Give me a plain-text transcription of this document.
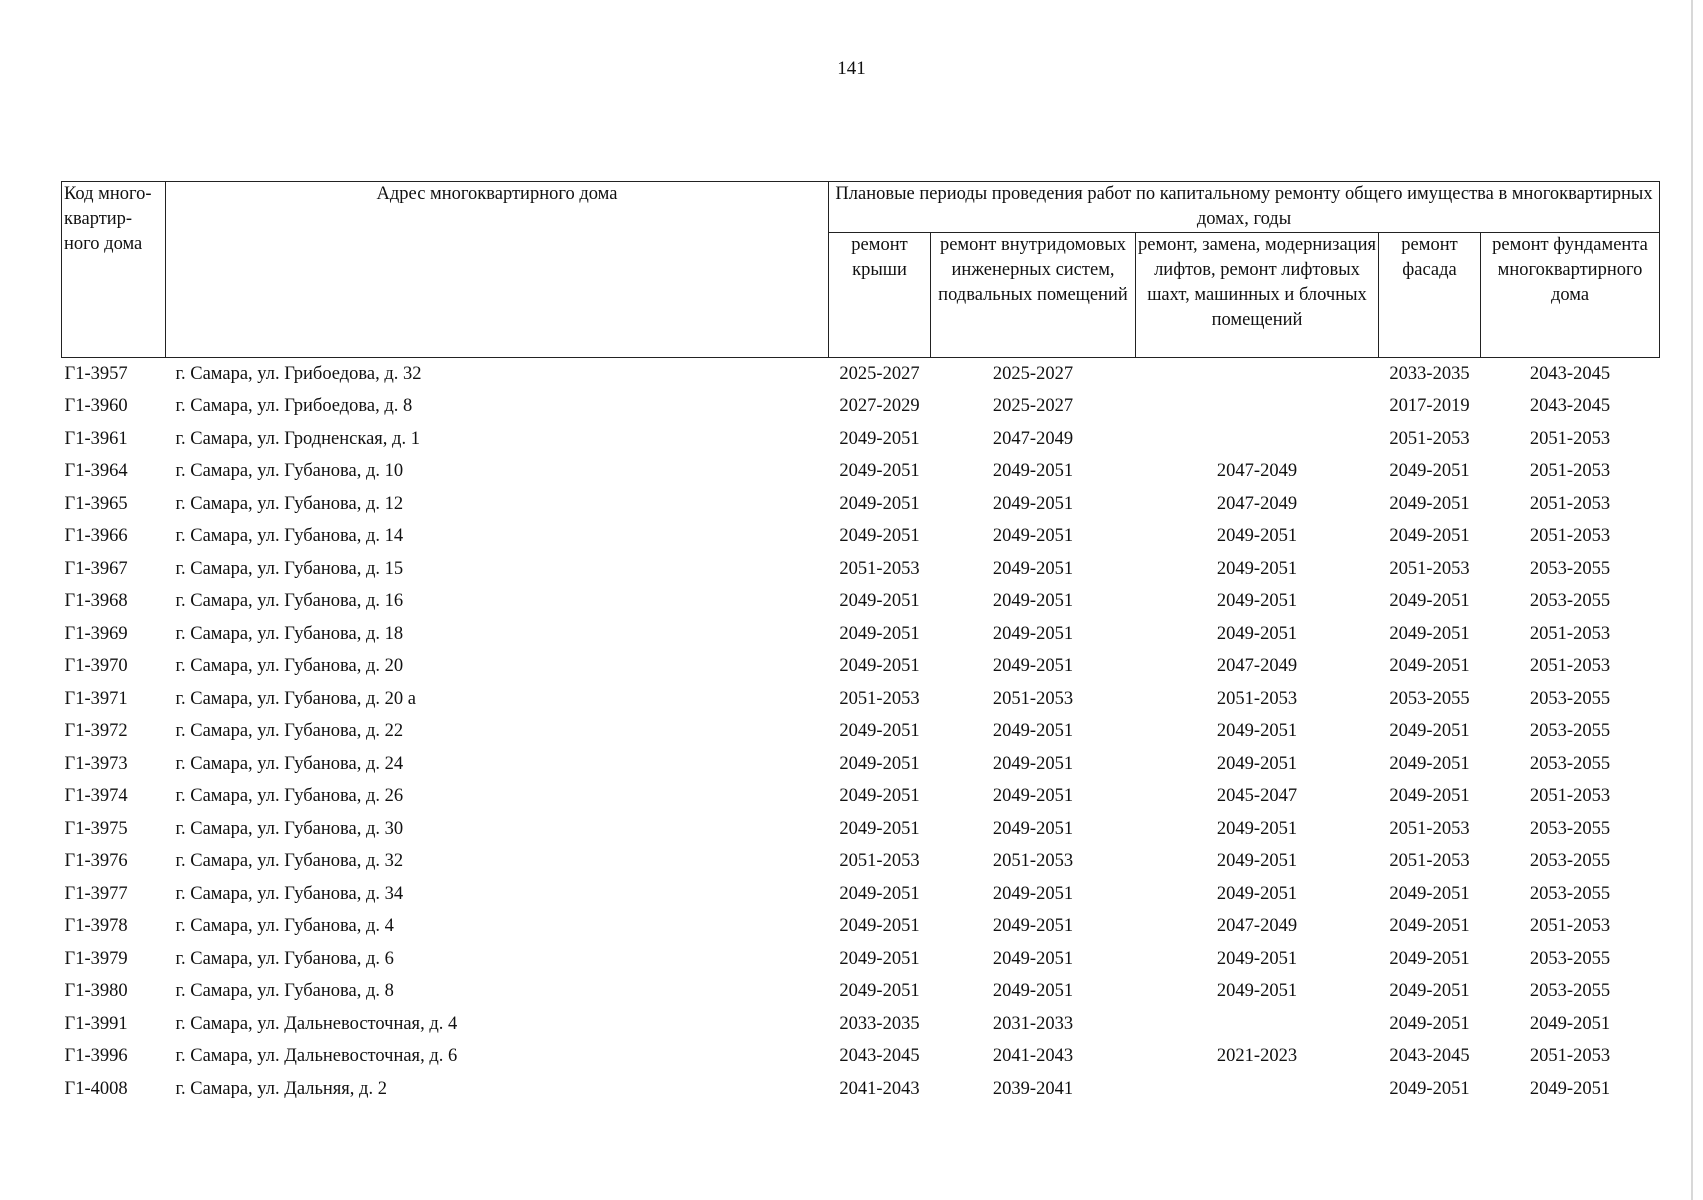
141
Код много-квартир-ного дома	Адрес многоквартирного дома	Плановые периоды проведения работ по капитальному ремонту общего имущества в многоквартирных домах, годы				
		ремонт крыши	ремонт внутридомовых инженерных систем, подвальных помещений	ремонт, замена, модернизация лифтов, ремонт лифтовых шахт, машинных и блочных помещений	ремонт фасада	ремонт фундамента многоквартирного дома
Г1-3957	г. Самара, ул. Грибоедова, д. 32	2025-2027	2025-2027		2033-2035	2043-2045
Г1-3960	г. Самара, ул. Грибоедова, д. 8	2027-2029	2025-2027		2017-2019	2043-2045
Г1-3961	г. Самара, ул. Гродненская, д. 1	2049-2051	2047-2049		2051-2053	2051-2053
Г1-3964	г. Самара, ул. Губанова, д. 10	2049-2051	2049-2051	2047-2049	2049-2051	2051-2053
Г1-3965	г. Самара, ул. Губанова, д. 12	2049-2051	2049-2051	2047-2049	2049-2051	2051-2053
Г1-3966	г. Самара, ул. Губанова, д. 14	2049-2051	2049-2051	2049-2051	2049-2051	2051-2053
Г1-3967	г. Самара, ул. Губанова, д. 15	2051-2053	2049-2051	2049-2051	2051-2053	2053-2055
Г1-3968	г. Самара, ул. Губанова, д. 16	2049-2051	2049-2051	2049-2051	2049-2051	2053-2055
Г1-3969	г. Самара, ул. Губанова, д. 18	2049-2051	2049-2051	2049-2051	2049-2051	2051-2053
Г1-3970	г. Самара, ул. Губанова, д. 20	2049-2051	2049-2051	2047-2049	2049-2051	2051-2053
Г1-3971	г. Самара, ул. Губанова, д. 20 а	2051-2053	2051-2053	2051-2053	2053-2055	2053-2055
Г1-3972	г. Самара, ул. Губанова, д. 22	2049-2051	2049-2051	2049-2051	2049-2051	2053-2055
Г1-3973	г. Самара, ул. Губанова, д. 24	2049-2051	2049-2051	2049-2051	2049-2051	2053-2055
Г1-3974	г. Самара, ул. Губанова, д. 26	2049-2051	2049-2051	2045-2047	2049-2051	2051-2053
Г1-3975	г. Самара, ул. Губанова, д. 30	2049-2051	2049-2051	2049-2051	2051-2053	2053-2055
Г1-3976	г. Самара, ул. Губанова, д. 32	2051-2053	2051-2053	2049-2051	2051-2053	2053-2055
Г1-3977	г. Самара, ул. Губанова, д. 34	2049-2051	2049-2051	2049-2051	2049-2051	2053-2055
Г1-3978	г. Самара, ул. Губанова, д. 4	2049-2051	2049-2051	2047-2049	2049-2051	2051-2053
Г1-3979	г. Самара, ул. Губанова, д. 6	2049-2051	2049-2051	2049-2051	2049-2051	2053-2055
Г1-3980	г. Самара, ул. Губанова, д. 8	2049-2051	2049-2051	2049-2051	2049-2051	2053-2055
Г1-3991	г. Самара, ул. Дальневосточная, д. 4	2033-2035	2031-2033		2049-2051	2049-2051
Г1-3996	г. Самара, ул. Дальневосточная, д. 6	2043-2045	2041-2043	2021-2023	2043-2045	2051-2053
Г1-4008	г. Самара, ул. Дальняя, д. 2	2041-2043	2039-2041		2049-2051	2049-2051
